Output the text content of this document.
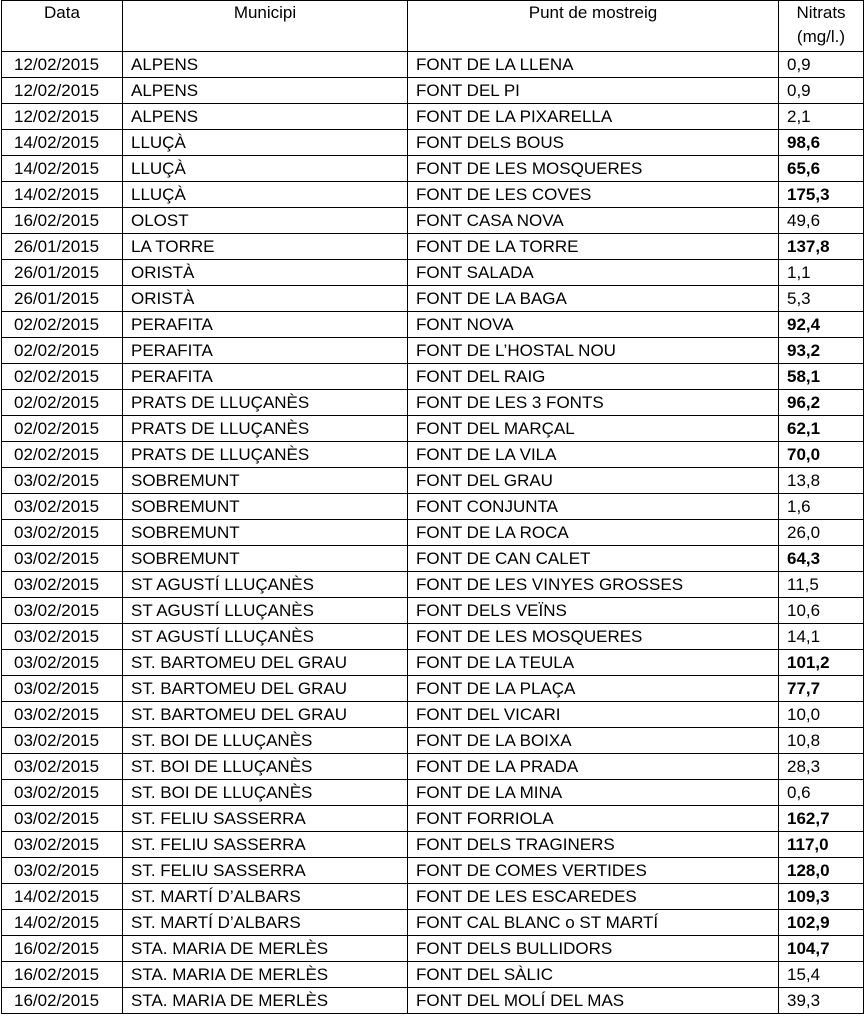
Data	Municipi	Punt de mostreig	Nitrats
(mg/l.)
12/02/2015	ALPENS	FONT DE LA LLENA	0,9
12/02/2015	ALPENS	FONT DEL PI	0,9
12/02/2015	ALPENS	FONT DE LA PIXARELLA	2,1
14/02/2015	LLUÇÀ	FONT DELS BOUS	98,6
14/02/2015	LLUÇÀ	FONT DE LES MOSQUERES	65,6
14/02/2015	LLUÇÀ	FONT DE LES COVES	175,3
16/02/2015	OLOST	FONT CASA NOVA	49,6
26/01/2015	LA TORRE	FONT DE LA TORRE	137,8
26/01/2015	ORISTÀ	FONT SALADA	1,1
26/01/2015	ORISTÀ	FONT DE LA BAGA	5,3
02/02/2015	PERAFITA	FONT NOVA	92,4
02/02/2015	PERAFITA	FONT DE L’HOSTAL NOU	93,2
02/02/2015	PERAFITA	FONT DEL RAIG	58,1
02/02/2015	PRATS DE LLUÇANÈS	FONT DE LES 3 FONTS	96,2
02/02/2015	PRATS DE LLUÇANÈS	FONT DEL MARÇAL	62,1
02/02/2015	PRATS DE LLUÇANÈS	FONT DE LA VILA	70,0
03/02/2015	SOBREMUNT	FONT DEL GRAU	13,8
03/02/2015	SOBREMUNT	FONT CONJUNTA	1,6
03/02/2015	SOBREMUNT	FONT DE LA ROCA	26,0
03/02/2015	SOBREMUNT	FONT DE CAN CALET	64,3
03/02/2015	ST AGUSTÍ LLUÇANÈS	FONT DE LES VINYES GROSSES	11,5
03/02/2015	ST AGUSTÍ LLUÇANÈS	FONT DELS VEÏNS	10,6
03/02/2015	ST AGUSTÍ LLUÇANÈS	FONT DE LES MOSQUERES	14,1
03/02/2015	ST. BARTOMEU DEL GRAU	FONT DE LA TEULA	101,2
03/02/2015	ST. BARTOMEU DEL GRAU	FONT DE LA PLAÇA	77,7
03/02/2015	ST. BARTOMEU DEL GRAU	FONT DEL VICARI	10,0
03/02/2015	ST. BOI DE LLUÇANÈS	FONT DE LA BOIXA	10,8
03/02/2015	ST. BOI DE LLUÇANÈS	FONT DE LA PRADA	28,3
03/02/2015	ST. BOI DE LLUÇANÈS	FONT DE LA MINA	0,6
03/02/2015	ST. FELIU SASSERRA	FONT FORRIOLA	162,7
03/02/2015	ST. FELIU SASSERRA	FONT DELS TRAGINERS	117,0
03/02/2015	ST. FELIU SASSERRA	FONT DE COMES VERTIDES	128,0
14/02/2015	ST. MARTÍ D’ALBARS	FONT DE LES ESCAREDES	109,3
14/02/2015	ST. MARTÍ D’ALBARS	FONT CAL BLANC o ST MARTÍ	102,9
16/02/2015	STA. MARIA DE MERLÈS	FONT DELS BULLIDORS	104,7
16/02/2015	STA. MARIA DE MERLÈS	FONT DEL SÀLIC	15,4
16/02/2015	STA. MARIA DE MERLÈS	FONT DEL MOLÍ DEL MAS	39,3
